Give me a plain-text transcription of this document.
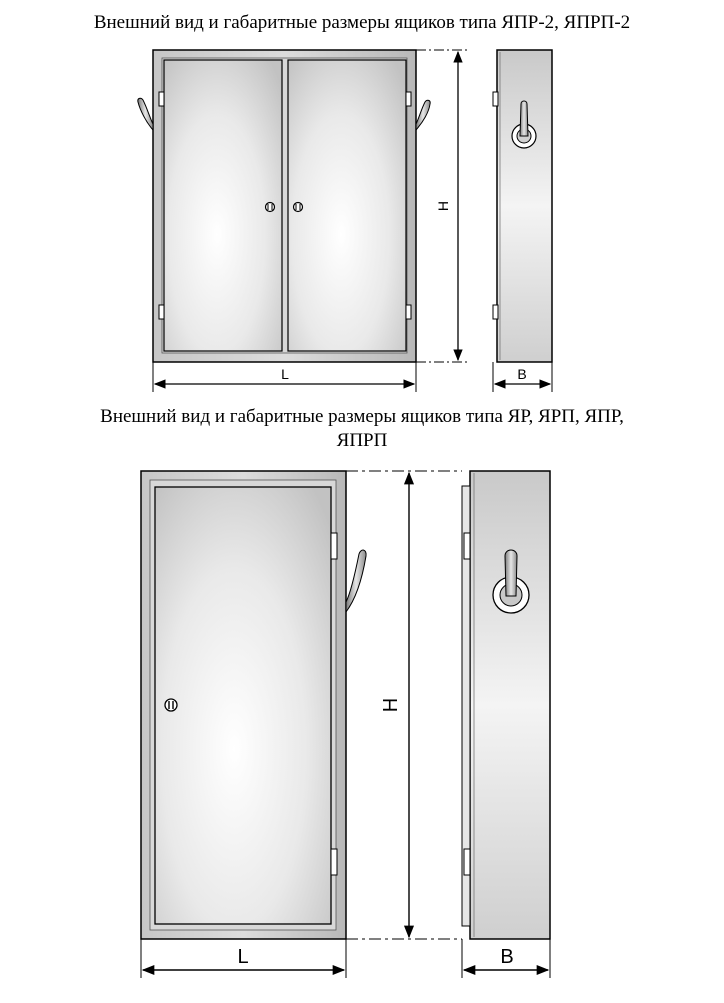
Внешний вид и габаритные размеры ящиков типа ЯПР-2, ЯПРП-2
Внешний вид и габаритные размеры ящиков типа ЯР, ЯРП, ЯПР,
ЯПРП
H
L	B
H
L	B
